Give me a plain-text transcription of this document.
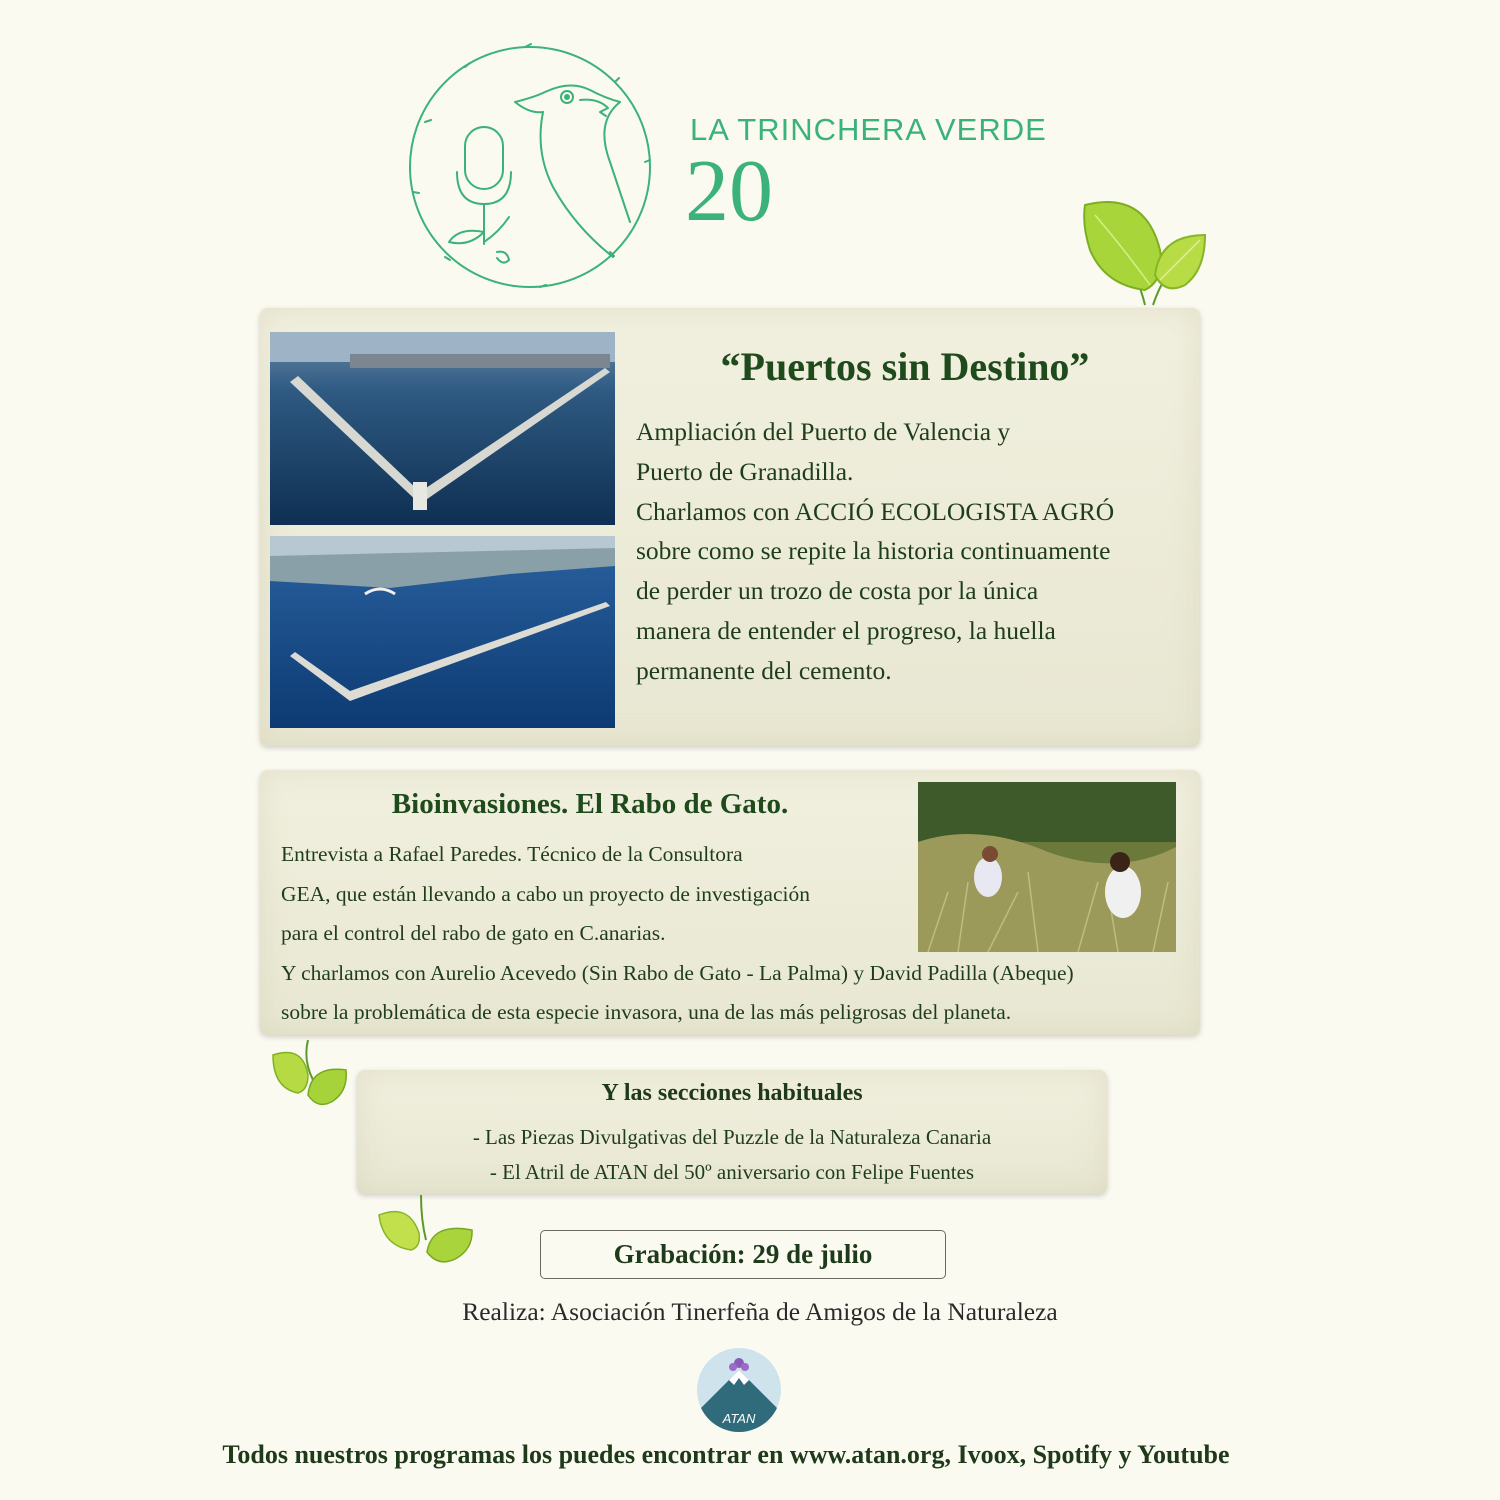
LA TRINCHERA VERDE
20
“Puertos sin Destino”
Ampliación del Puerto de Valencia y
Puerto de Granadilla.
Charlamos con ACCIÓ ECOLOGISTA AGRÓ
sobre como se repite la historia continuamente
de perder un trozo de costa por la única
manera de entender el progreso, la huella
permanente del cemento.
Bioinvasiones. El Rabo de Gato.
Entrevista a Rafael Paredes. Técnico de la Consultora
GEA, que están llevando a cabo un proyecto de investigación
para el control del rabo de gato en C.anarias.
Y charlamos con Aurelio Acevedo (Sin Rabo de Gato - La Palma) y David Padilla (Abeque)
sobre la problemática de esta especie invasora, una de las más peligrosas del planeta.
Y las secciones habituales
- Las Piezas Divulgativas del Puzzle de la Naturaleza Canaria
- El Atril de ATAN del 50º aniversario con Felipe Fuentes
Grabación: 29 de julio
Realiza: Asociación Tinerfeña de Amigos de la Naturaleza
ATAN
Todos nuestros programas los puedes encontrar en www.atan.org, Ivoox, Spotify y Youtube
